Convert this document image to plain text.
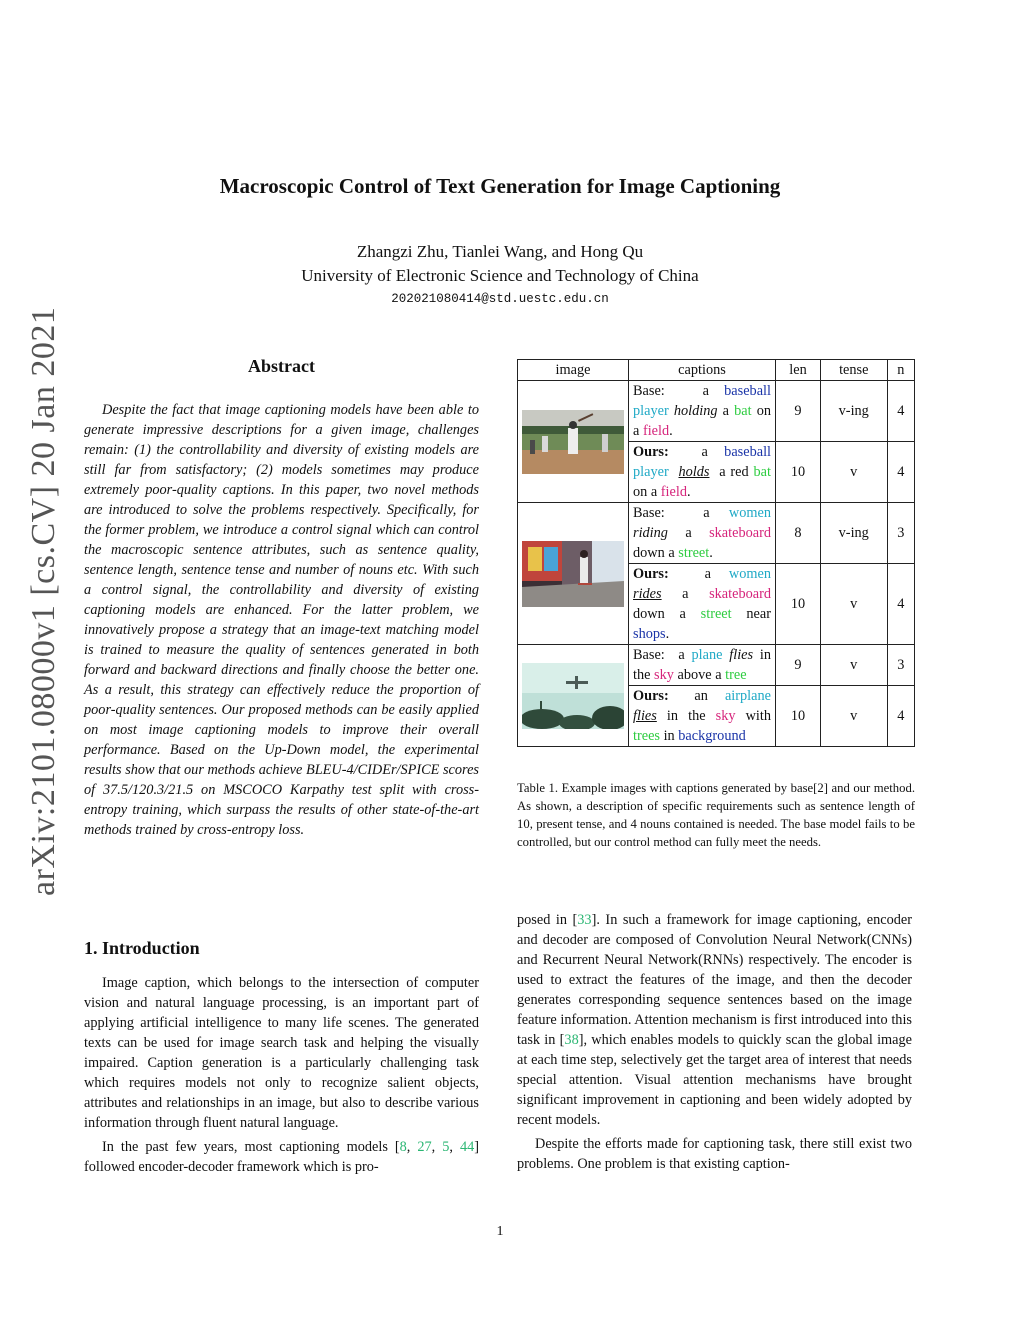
arXiv:2101.08000v1 [cs.CV] 20 Jan 2021
Macroscopic Control of Text Generation for Image Captioning
Zhangzi Zhu, Tianlei Wang, and Hong Qu
University of Electronic Science and Technology of China
202021080414@std.uestc.edu.cn
Abstract
Despite the fact that image captioning models have been able to generate impressive descriptions for a given image, challenges remain: (1) the controllability and diversity of existing models are still far from satisfactory; (2) models sometimes may produce extremely poor-quality captions. In this paper, two novel methods are introduced to solve the problems respectively. Specifically, for the former problem, we introduce a control signal which can control the macroscopic sentence attributes, such as sentence quality, sentence length, sentence tense and number of nouns etc. With such a control signal, the controllability and diversity of existing captioning models are enhanced. For the latter problem, we innovatively propose a strategy that an image-text matching model is trained to measure the quality of sentences generated in both forward and backward directions and finally choose the better one. As a result, this strategy can effectively reduce the proportion of poor-quality sentences. Our proposed methods can be easily applied on most image captioning models to improve their overall performance. Based on the Up-Down model, the experimental results show that our methods achieve BLEU-4/CIDEr/SPICE scores of 37.5/120.3/21.5 on MSCOCO Karpathy test split with cross-entropy training, which surpass the results of other state-of-the-art methods trained by cross-entropy loss.
1. Introduction

Image caption, which belongs to the intersection of computer vision and natural language processing, is an important part of applying artificial intelligence to many life scenes. The generated texts can be used for image search task and helping the visually impaired. Caption generation is a particularly challenging task which requires models not only to recognize salient objects, attributes and relationships in an image, but also to describe various information through fluent natural language.

In the past few years, most captioning models [8, 27, 5, 44] followed encoder-decoder framework which is pro-

image	captions	len	tense	n

	Base: a baseball player holding a bat on a field.	9	v-ing	4
	Ours: a baseball player holds a red bat on a field.	10	v	4

	Base: a women riding a skateboard down a street.	8	v-ing	3
	Ours: a women rides a skateboard down a street near shops.	10	v	4

	Base: a plane flies in the sky above a tree	9	v	3
	Ours: an airplane flies in the sky with trees in background	10	v	4
Table 1. Example images with captions generated by base[2] and our method. As shown, a description of specific requirements such as sentence length of 10, present tense, and 4 nouns contained is needed. The base model fails to be controlled, but our control method can fully meet the needs.

posed in [33]. In such a framework for image captioning, encoder and decoder are composed of Convolution Neural Network(CNNs) and Recurrent Neural Network(RNNs) respectively. The encoder is used to extract the features of the image, and then the decoder generates corresponding sequence sentences based on the image feature information. Attention mechanism is first introduced into this task in [38], which enables models to quickly scan the global image at each time step, selectively get the target area of interest that needs special attention. Visual attention mechanisms have brought significant improvement in captioning and been widely adopted by recent models.

Despite the efforts made for captioning task, there still exist two problems. One problem is that existing caption-

1
